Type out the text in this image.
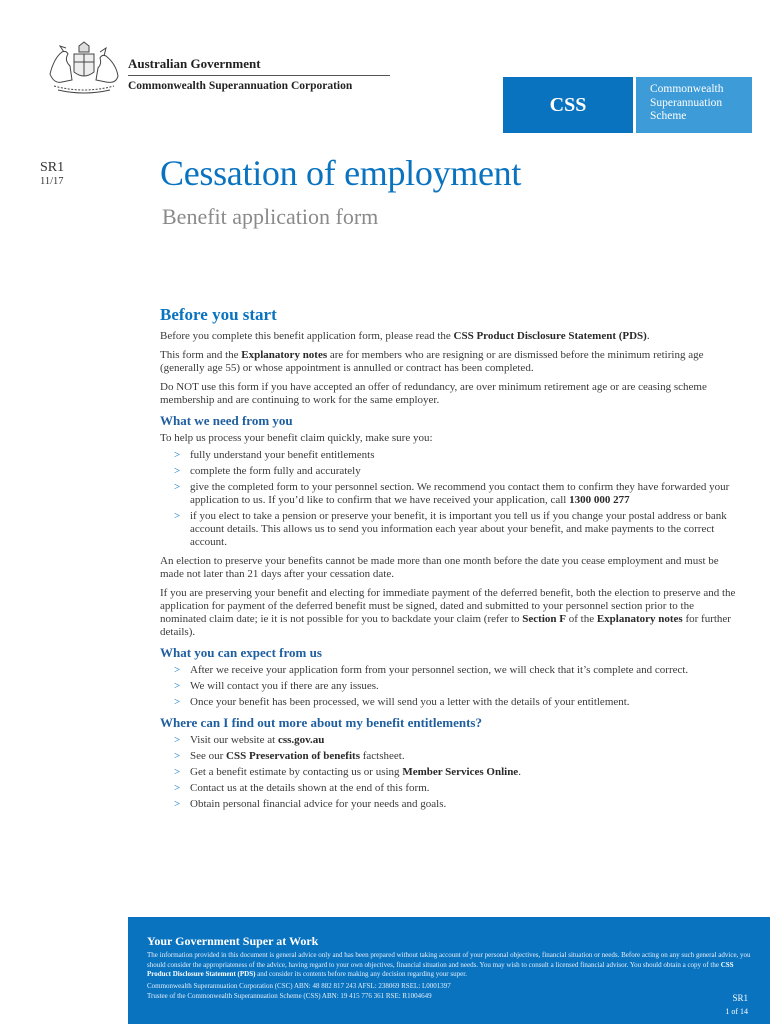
Australian Government
Commonwealth Superannuation Corporation
CSS
Commonwealth
Superannuation
Scheme
SR1
11/17	Cessation of employment
Benefit application form
Before you start

Before you complete this benefit application form, please read the CSS Product Disclosure Statement (PDS).

This form and the Explanatory notes are for members who are resigning or are dismissed before the minimum retiring age (generally age 55) or whose appointment is annulled or contract has been completed.

Do NOT use this form if you have accepted an offer of redundancy, are over minimum retirement age or are ceasing scheme membership and are continuing to work for the same employer.

What we need from you

To help us process your benefit claim quickly, make sure you:

> fully understand your benefit entitlements
> complete the form fully and accurately
> give the completed form to your personnel section. We recommend you contact them to confirm they have forwarded your application to us. If you’d like to confirm that we have received your application, call 1300 000 277
> if you elect to take a pension or preserve your benefit, it is important you tell us if you change your postal address or bank account details. This allows us to send you information each year about your benefit, and make payments to the correct account.

An election to preserve your benefits cannot be made more than one month before the date you cease employment and must be made not later than 21 days after your cessation date.

If you are preserving your benefit and electing for immediate payment of the deferred benefit, both the election to preserve and the application for payment of the deferred benefit must be signed, dated and submitted to your personnel section prior to the nominated claim date; ie it is not possible for you to backdate your claim (refer to Section F of the Explanatory notes for further details).

What you can expect from us
> After we receive your application form from your personnel section, we will check that it’s complete and correct.
> We will contact you if there are any issues.
> Once your benefit has been processed, we will send you a letter with the details of your entitlement.
Where can I find out more about my benefit entitlements?
> Visit our website at css.gov.au
> See our CSS Preservation of benefits factsheet.
> Get a benefit estimate by contacting us or using Member Services Online.
> Contact us at the details shown at the end of this form.
> Obtain personal financial advice for your needs and goals.
Your Government Super at Work
The information provided in this document is general advice only and has been prepared without taking account of your personal objectives, financial situation or needs. Before acting on any such general advice, you should consider the appropriateness of the advice, having regard to your own objectives, financial situation and needs. You may wish to consult a licensed financial advisor. You should obtain a copy of the CSS Product Disclosure Statement (PDS) and consider its contents before making any decision regarding your super.
Commonwealth Superannuation Corporation (CSC) ABN: 48 882 817 243 AFSL: 238069 RSEL: L0001397
Trustee of the Commonwealth Superannuation Scheme (CSS) ABN: 19 415 776 361 RSE: R1004649	SR1
1 of 14
